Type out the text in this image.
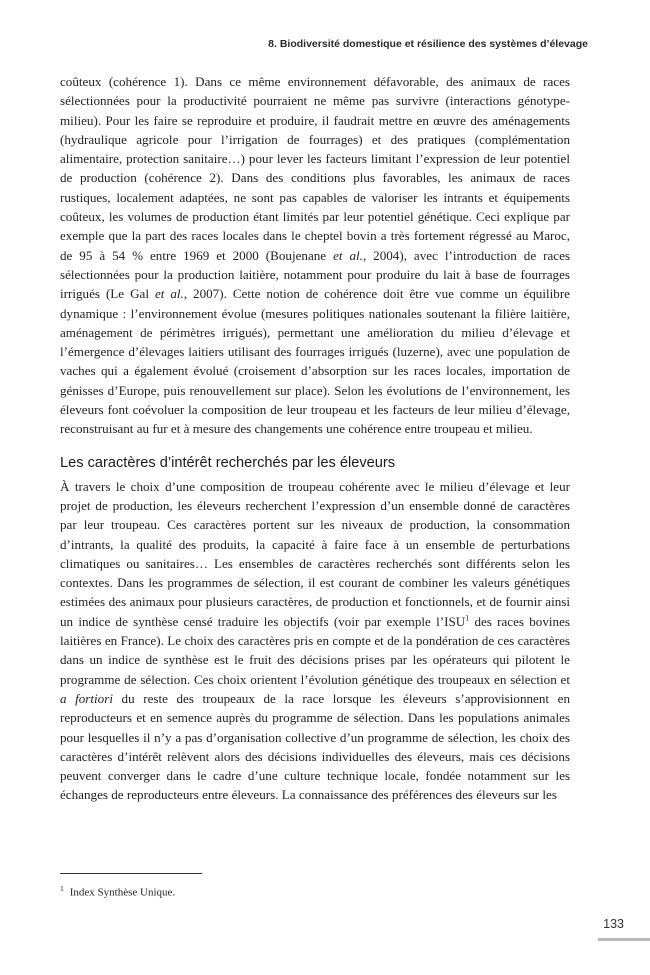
8. Biodiversité domestique et résilience des systèmes d’élevage

coûteux (cohérence 1). Dans ce même environnement défavorable, des animaux de races sélectionnées pour la productivité pourraient ne même pas survivre (interactions génotype-milieu). Pour les faire se reproduire et produire, il faudrait mettre en œuvre des aménagements (hydraulique agricole pour l’irrigation de fourrages) et des pratiques (complémentation alimentaire, protection sanitaire…) pour lever les facteurs limitant l’expression de leur potentiel de production (cohérence 2). Dans des conditions plus favorables, les animaux de races rustiques, localement adaptées, ne sont pas capables de valoriser les intrants et équipements coûteux, les volumes de production étant limités par leur potentiel génétique. Ceci explique par exemple que la part des races locales dans le cheptel bovin a très fortement régressé au Maroc, de 95 à 54 % entre 1969 et 2000 (Boujenane et al., 2004), avec l’introduction de races sélectionnées pour la production laitière, notamment pour produire du lait à base de fourrages irrigués (Le Gal et al., 2007). Cette notion de cohérence doit être vue comme un équilibre dynamique : l’environnement évolue (mesures politiques nationales soutenant la filière laitière, aménagement de périmètres irrigués), permettant une amélioration du milieu d’élevage et l’émergence d’élevages laitiers utilisant des fourrages irrigués (luzerne), avec une population de vaches qui a également évolué (croisement d’absorption sur les races locales, importation de génisses d’Europe, puis renouvellement sur place). Selon les évolutions de l’environnement, les éleveurs font coévoluer la composition de leur troupeau et les facteurs de leur milieu d’élevage, reconstruisant au fur et à mesure des changements une cohérence entre troupeau et milieu.

Les caractères d’intérêt recherchés par les éleveurs

À travers le choix d’une composition de troupeau cohérente avec le milieu d’élevage et leur projet de production, les éleveurs recherchent l’expression d’un ensemble donné de caractères par leur troupeau. Ces caractères portent sur les niveaux de production, la consommation d’intrants, la qualité des produits, la capacité à faire face à un ensemble de perturbations climatiques ou sanitaires… Les ensembles de caractères recherchés sont différents selon les contextes. Dans les programmes de sélection, il est courant de combiner les valeurs génétiques estimées des animaux pour plusieurs caractères, de production et fonctionnels, et de fournir ainsi un indice de synthèse censé traduire les objectifs (voir par exemple l’ISU$^1$ des races bovines laitières en France). Le choix des caractères pris en compte et de la pondération de ces caractères dans un indice de synthèse est le fruit des décisions prises par les opérateurs qui pilotent le programme de sélection. Ces choix orientent l’évolution génétique des troupeaux en sélection et a fortiori du reste des troupeaux de la race lorsque les éleveurs s’approvisionnent en reproducteurs et en semence auprès du programme de sélection. Dans les populations animales pour lesquelles il n’y a pas d’organisation collective d’un programme de sélection, les choix des caractères d’intérêt relèvent alors des décisions individuelles des éleveurs, mais ces décisions peuvent converger dans le cadre d’une culture technique locale, fondée notamment sur les échanges de reproducteurs entre éleveurs. La connaissance des préférences des éleveurs sur les

$^1$ Index Synthèse Unique.
133
